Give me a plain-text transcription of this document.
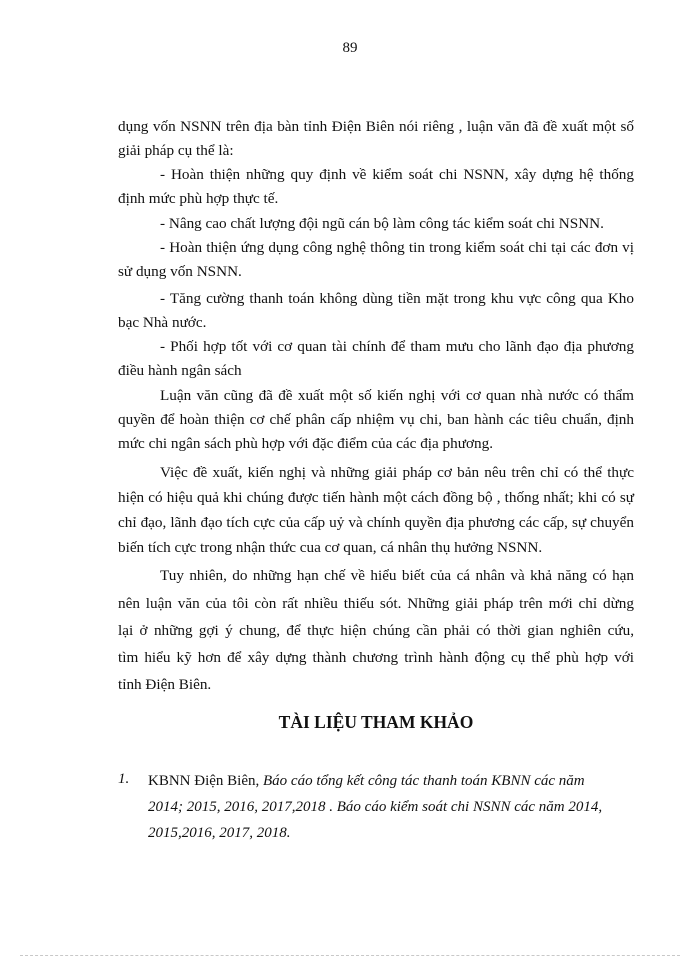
89
dụng vốn NSNN trên địa bàn tỉnh Điện Biên nói riêng , luận văn đã đề xuất một số
giải pháp cụ thể là:
- Hoàn thiện những quy định về kiểm soát chi NSNN, xây dựng hệ thống
định mức phù hợp thực tế.
- Nâng cao chất lượng đội ngũ cán bộ làm công tác kiểm soát chi NSNN.
- Hoàn thiện ứng dụng công nghệ thông tin trong kiểm soát chi tại các đơn vị
sử dụng vốn NSNN.
- Tăng cường thanh toán không dùng tiền mặt trong khu vực công qua Kho
bạc Nhà nước.
- Phối hợp tốt với cơ quan tài chính để tham mưu cho lãnh đạo địa phương
điều hành ngân sách
Luận văn cũng đã đề xuất một số kiến nghị với cơ quan nhà nước có thẩm
quyền để hoàn thiện cơ chế phân cấp nhiệm vụ chi, ban hành các tiêu chuẩn, định
mức chi ngân sách phù hợp với đặc điểm của các địa phương.
Việc đề xuất, kiến nghị và những giải pháp cơ bản nêu trên chỉ có thể thực
hiện có hiệu quả khi chúng được tiến hành một cách đồng bộ , thống nhất; khi có sự
chỉ đạo, lãnh đạo tích cực của cấp uỷ và chính quyền địa phương các cấp, sự chuyển
biến tích cực trong nhận thức cua cơ quan, cá nhân thụ hưởng NSNN.
Tuy nhiên, do những hạn chế về hiểu biết của cá nhân và khả năng có hạn
nên luận văn của tôi còn rất nhiều thiếu sót. Những giải pháp trên mới chỉ dừng
lại ở những gợi ý chung, để thực hiện chúng cần phải có thời gian nghiên cứu,
tìm hiểu kỹ hơn để xây dựng thành chương trình hành động cụ thể phù hợp với
tỉnh Điện Biên.
TÀI LIỆU THAM KHẢO
1. KBNN Điện Biên, Báo cáo tổng kết công tác thanh toán KBNN các năm
2014; 2015, 2016, 2017,2018 . Báo cáo kiểm soát chi NSNN các năm 2014,
2015,2016, 2017, 2018.
